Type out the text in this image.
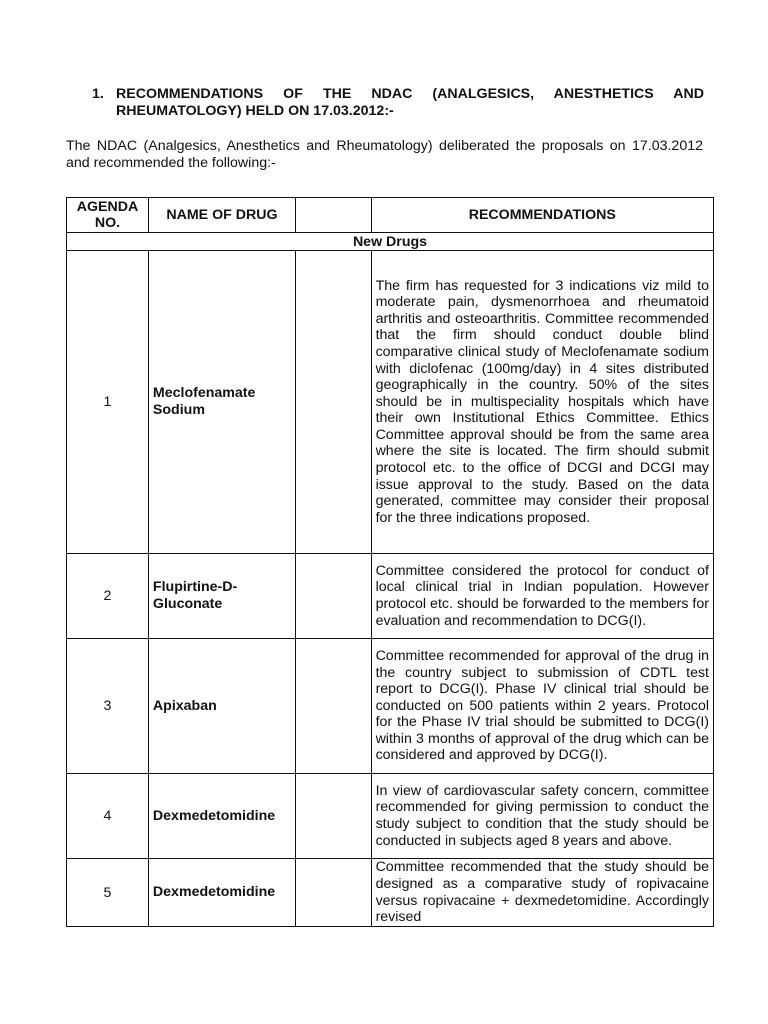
1. RECOMMENDATIONS OF THE NDAC (ANALGESICS, ANESTHETICS AND RHEUMATOLOGY) HELD ON 17.03.2012:-
The NDAC (Analgesics, Anesthetics and Rheumatology) deliberated the proposals on 17.03.2012 and recommended the following:-
AGENDA NO.	NAME OF DRUG		RECOMMENDATIONS
New Drugs			
1	Meclofenamate Sodium		The firm has requested for 3 indications viz mild to moderate pain, dysmenorrhoea and rheumatoid arthritis and osteoarthritis. Committee recommended that the firm should conduct double blind comparative clinical study of Meclofenamate sodium with diclofenac (100mg/day) in 4 sites distributed geographically in the country. 50% of the sites should be in multispeciality hospitals which have their own Institutional Ethics Committee. Ethics Committee approval should be from the same area where the site is located. The firm should submit protocol etc. to the office of DCGI and DCGI may issue approval to the study. Based on the data generated, committee may consider their proposal for the three indications proposed.
2	Flupirtine-D-Gluconate		Committee considered the protocol for conduct of local clinical trial in Indian population. However protocol etc. should be forwarded to the members for evaluation and recommendation to DCG(I).
3	Apixaban		Committee recommended for approval of the drug in the country subject to submission of CDTL test report to DCG(I). Phase IV clinical trial should be conducted on 500 patients within 2 years. Protocol for the Phase IV trial should be submitted to DCG(I) within 3 months of approval of the drug which can be considered and approved by DCG(I).
4	Dexmedetomidine		In view of cardiovascular safety concern, committee recommended for giving permission to conduct the study subject to condition that the study should be conducted in subjects aged 8 years and above.
5	Dexmedetomidine		Committee recommended that the study should be designed as a comparative study of ropivacaine versus ropivacaine + dexmedetomidine. Accordingly revised
